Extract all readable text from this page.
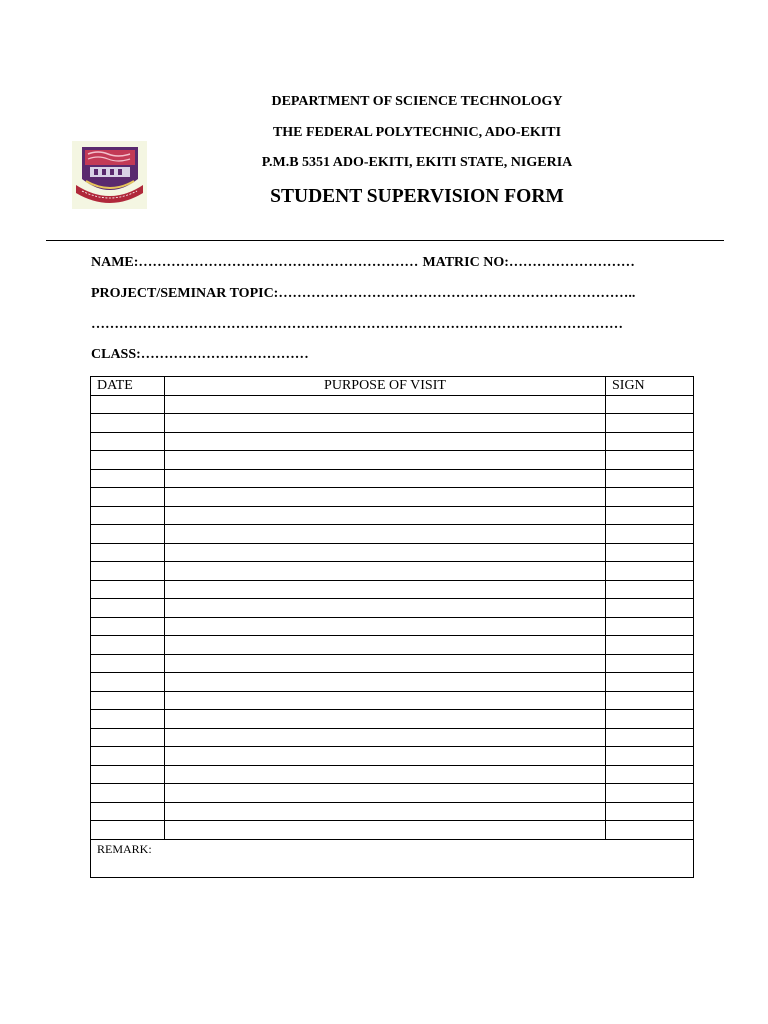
DEPARTMENT OF SCIENCE TECHNOLOGY
THE FEDERAL POLYTECHNIC, ADO-EKITI
P.M.B 5351 ADO-EKITI, EKITI STATE, NIGERIA
STUDENT SUPERVISION FORM
NAME:…………………………………………………… MATRIC NO:………………………
PROJECT/SEMINAR TOPIC:…………………………………………………………………..
……………………………………………………………………………………………………
CLASS:………………………………
DATE	PURPOSE OF VISIT	SIGN

REMARK:		
